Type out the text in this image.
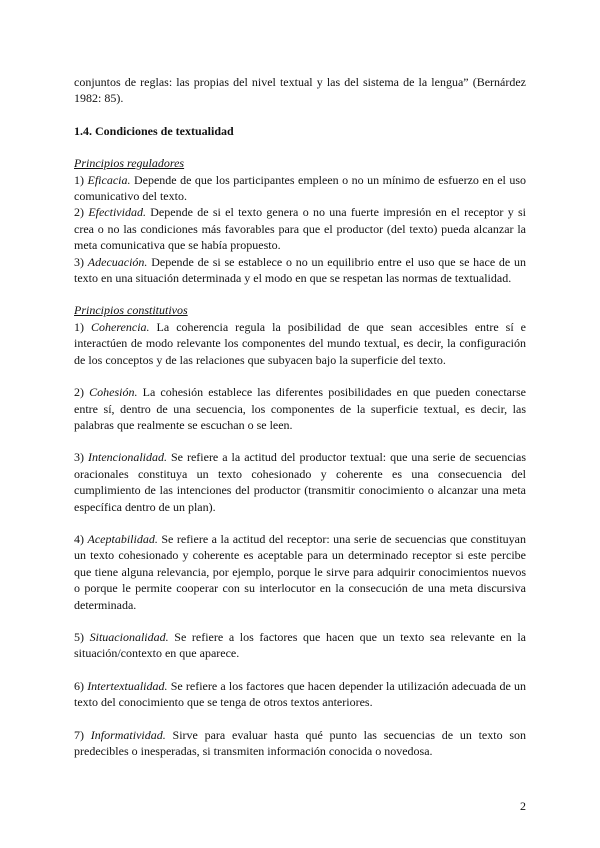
conjuntos de reglas: las propias del nivel textual y las del sistema de la lengua” (Bernárdez 1982: 85).

1.4. Condiciones de textualidad

Principios reguladores

1) Eficacia. Depende de que los participantes empleen o no un mínimo de esfuerzo en el uso comunicativo del texto.

2) Efectividad. Depende de si el texto genera o no una fuerte impresión en el receptor y si crea o no las condiciones más favorables para que el productor (del texto) pueda alcanzar la meta comunicativa que se había propuesto.

3) Adecuación. Depende de si se establece o no un equilibrio entre el uso que se hace de un texto en una situación determinada y el modo en que se respetan las normas de textualidad.

Principios constitutivos

1) Coherencia. La coherencia regula la posibilidad de que sean accesibles entre sí e interactúen de modo relevante los componentes del mundo textual, es decir, la configuración de los conceptos y de las relaciones que subyacen bajo la superficie del texto.

2) Cohesión. La cohesión establece las diferentes posibilidades en que pueden conectarse entre sí, dentro de una secuencia, los componentes de la superficie textual, es decir, las palabras que realmente se escuchan o se leen.

3) Intencionalidad. Se refiere a la actitud del productor textual: que una serie de secuencias oracionales constituya un texto cohesionado y coherente es una consecuencia del cumplimiento de las intenciones del productor (transmitir conocimiento o alcanzar una meta específica dentro de un plan).

4) Aceptabilidad. Se refiere a la actitud del receptor: una serie de secuencias que constituyan un texto cohesionado y coherente es aceptable para un determinado receptor si este percibe que tiene alguna relevancia, por ejemplo, porque le sirve para adquirir conocimientos nuevos o porque le permite cooperar con su interlocutor en la consecución de una meta discursiva determinada.

5) Situacionalidad. Se refiere a los factores que hacen que un texto sea relevante en la situación/contexto en que aparece.

6) Intertextualidad. Se refiere a los factores que hacen depender la utilización adecuada de un texto del conocimiento que se tenga de otros textos anteriores.

7) Informatividad. Sirve para evaluar hasta qué punto las secuencias de un texto son predecibles o inesperadas, si transmiten información conocida o novedosa.

2
